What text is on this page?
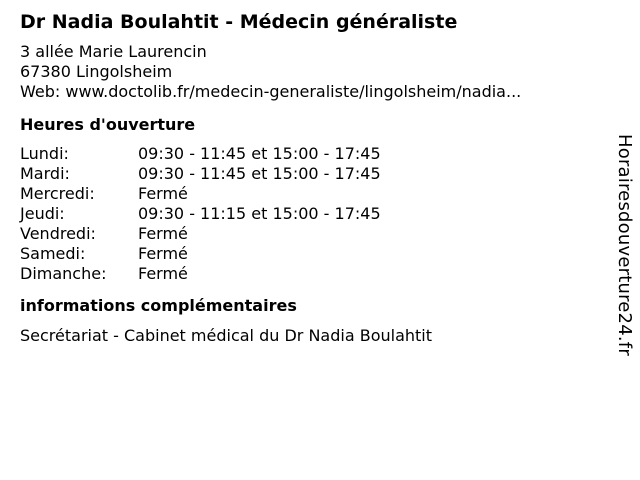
Dr Nadia Boulahtit - Médecin généraliste
3 allée Marie Laurencin
67380 Lingolsheim
Web: www.doctolib.fr/medecin-generaliste/lingolsheim/nadia...
Heures d'ouverture
Lundi:	09:30 - 11:45 et 15:00 - 17:45
Mardi:	09:30 - 11:45 et 15:00 - 17:45
Mercredi:	Fermé
Jeudi:	09:30 - 11:15 et 15:00 - 17:45
Vendredi:	Fermé
Samedi:	Fermé
Dimanche:	Fermé
informations complémentaires
Secrétariat - Cabinet médical du Dr Nadia Boulahtit	Horairesdouverture24.fr
